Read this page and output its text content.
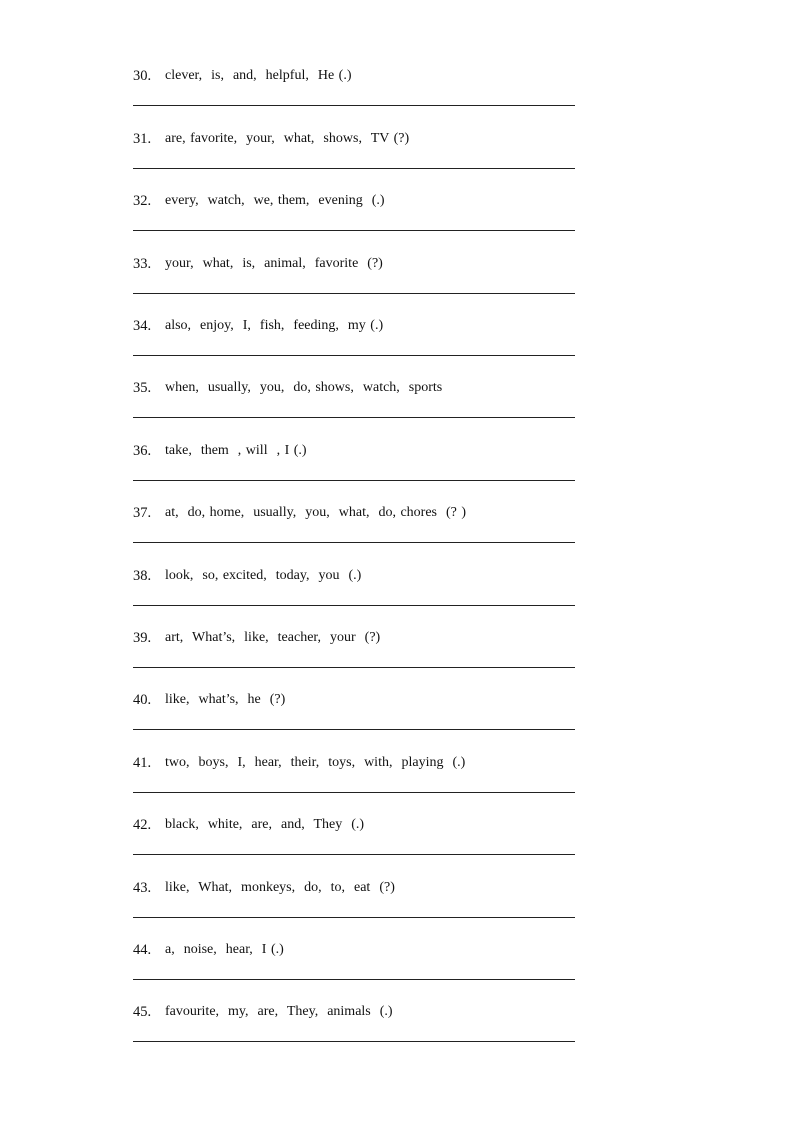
30. clever,  is,  and,  helpful,  He (.)
31. are, favorite,  your,  what,  shows,  TV (?)
32. every,  watch,  we, them,  evening  (.)
33. your,  what,  is,  animal,  favorite  (?)
34. also,  enjoy,  I,  fish,  feeding,  my (.)
35. when,  usually,  you,  do, shows,  watch,  sports
36. take,  them  , will  , I (.)
37. at,  do, home,  usually,  you,  what,  do, chores  (? )
38. look,  so, excited,  today,  you  (.)
39. art,  What’s,  like,  teacher,  your  (?)
40. like,  what’s,  he  (?)
41. two,  boys,  I,  hear,  their,  toys,  with,  playing  (.)
42. black,  white,  are,  and,  They  (.)
43. like,  What,  monkeys,  do,  to,  eat  (?)
44. a,  noise,  hear,  I (.)
45. favourite,  my,  are,  They,  animals  (.)
